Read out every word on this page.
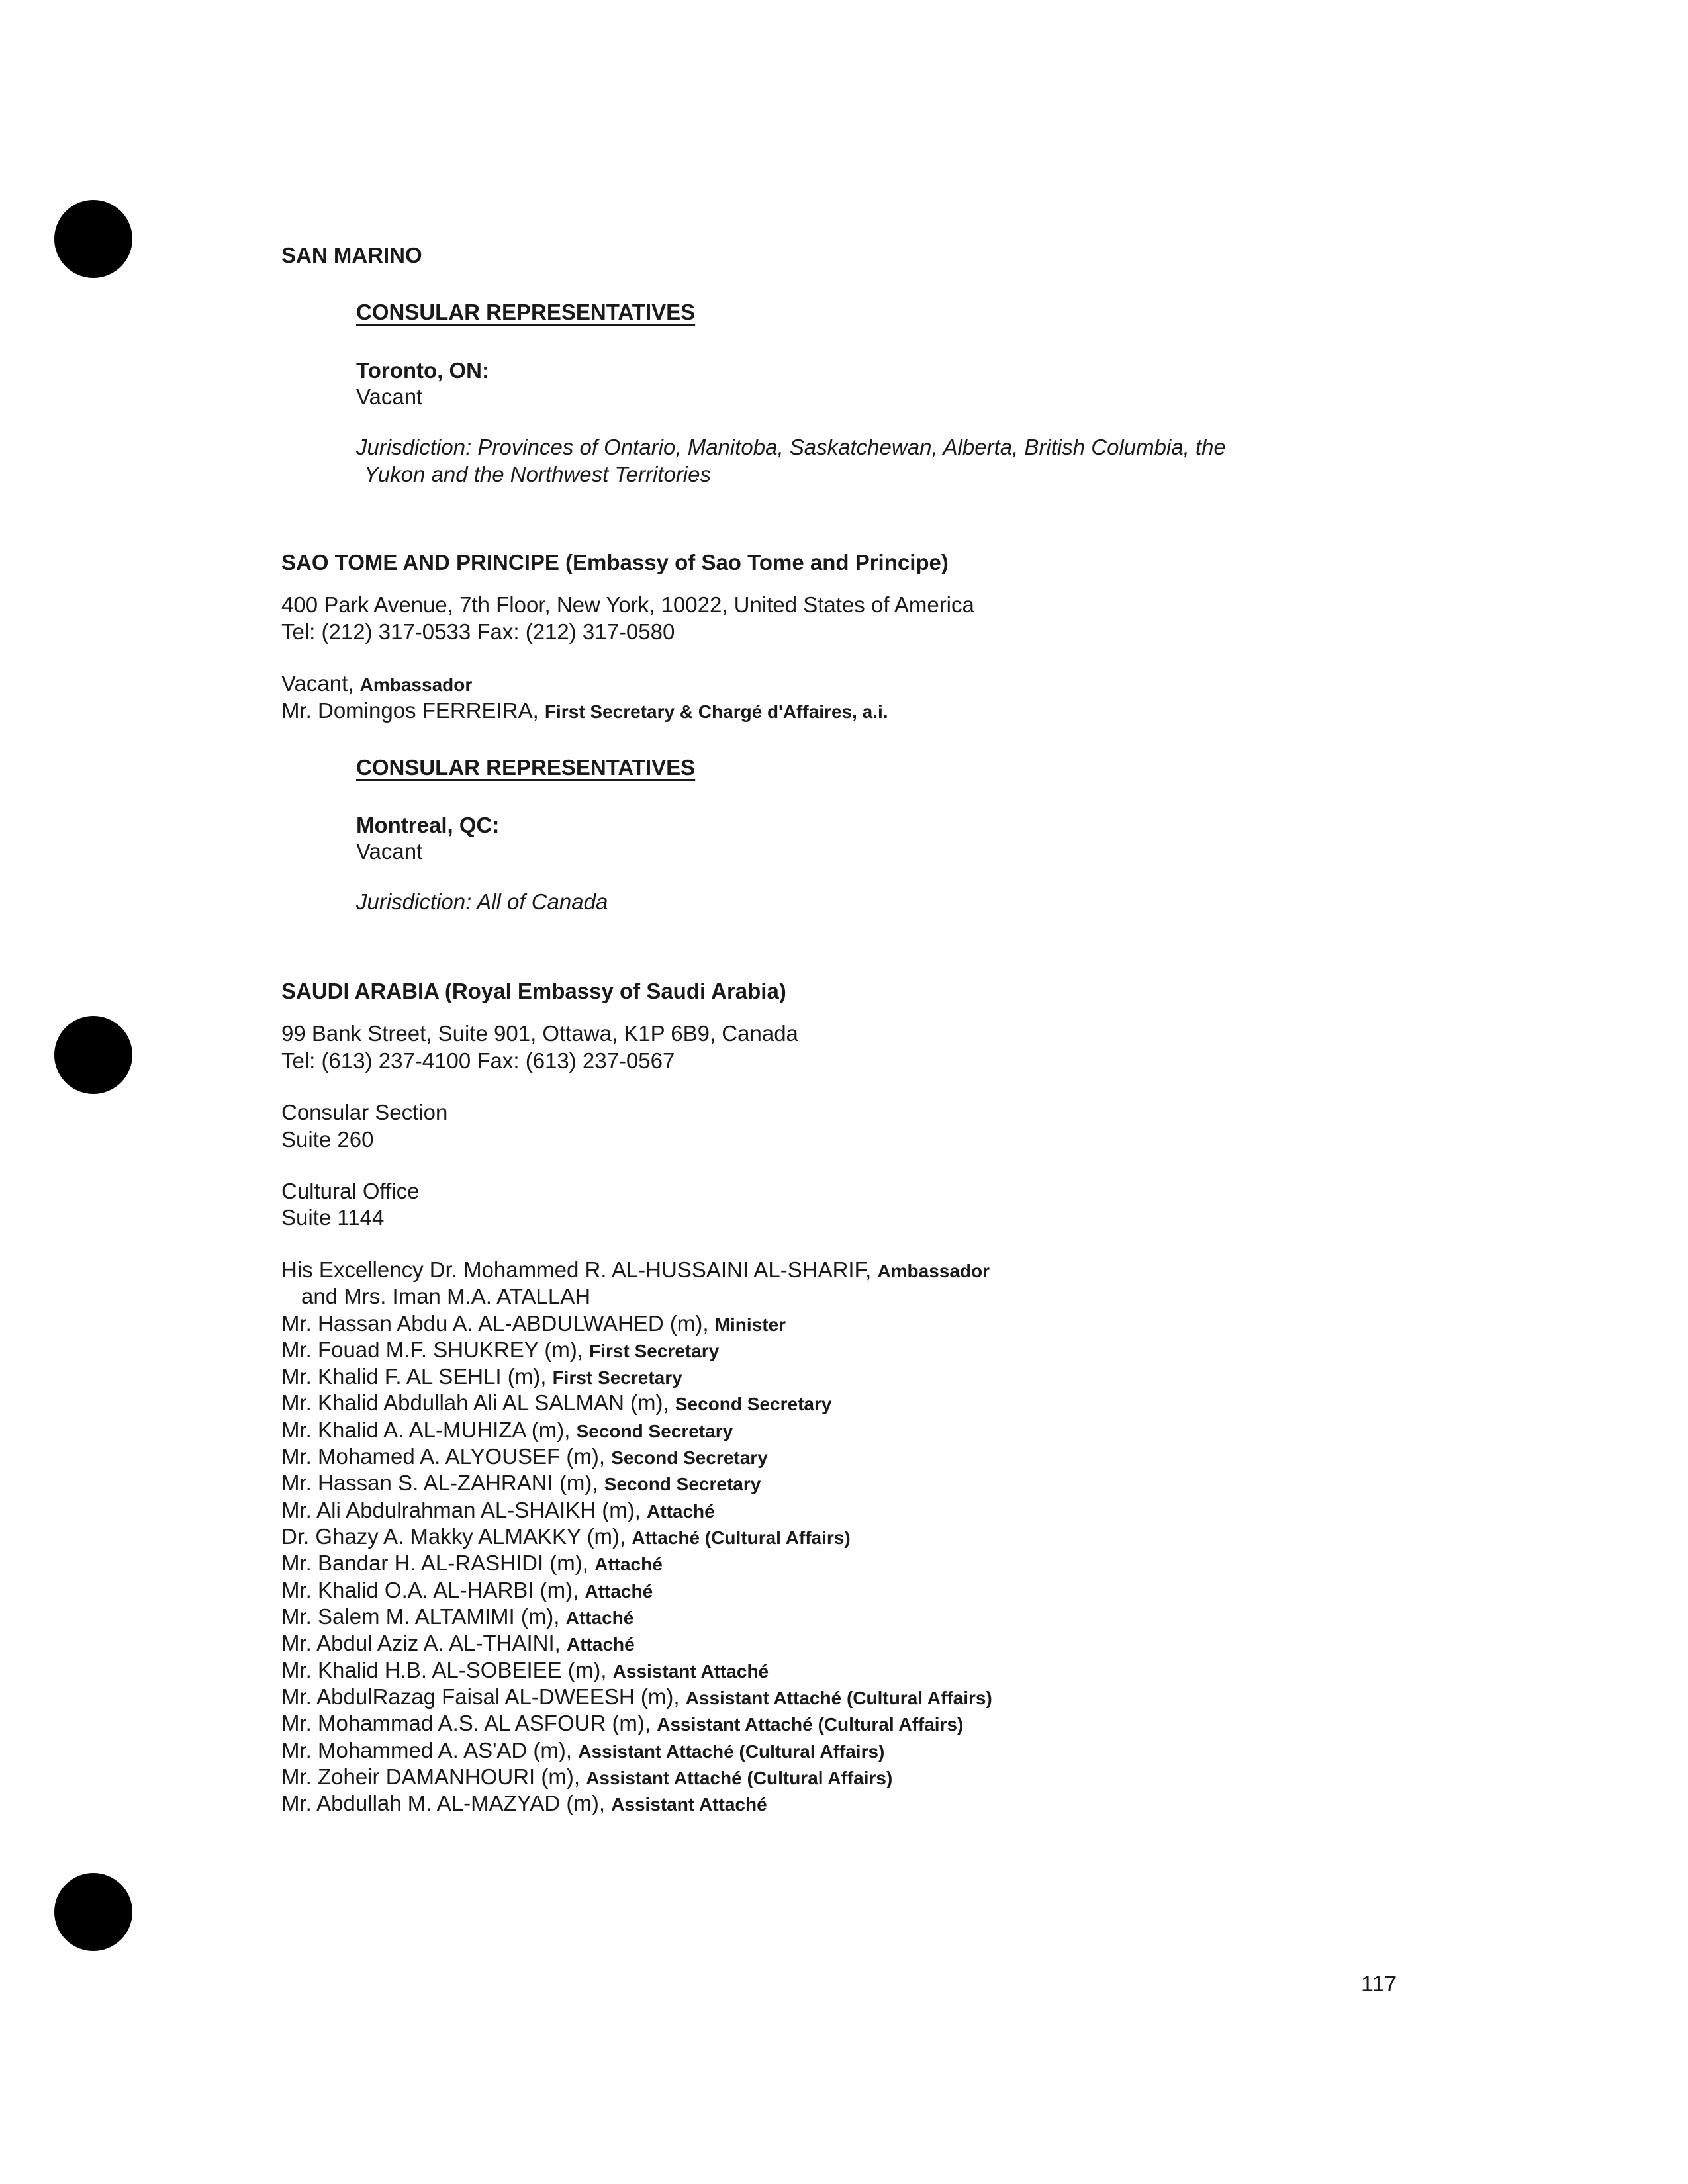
SAN MARINO
CONSULAR REPRESENTATIVES
Toronto, ON:
Vacant
Jurisdiction: Provinces of Ontario, Manitoba, Saskatchewan, Alberta, British Columbia, the
Yukon and the Northwest Territories
SAO TOME AND PRINCIPE (Embassy of Sao Tome and Principe)
400 Park Avenue, 7th Floor, New York, 10022, United States of America
Tel: (212) 317-0533 Fax: (212) 317-0580
Vacant, Ambassador
Mr. Domingos FERREIRA, First Secretary & Chargé d'Affaires, a.i.
CONSULAR REPRESENTATIVES
Montreal, QC:
Vacant
Jurisdiction: All of Canada
SAUDI ARABIA (Royal Embassy of Saudi Arabia)
99 Bank Street, Suite 901, Ottawa, K1P 6B9, Canada
Tel: (613) 237-4100 Fax: (613) 237-0567
Consular Section
Suite 260
Cultural Office
Suite 1144
His Excellency Dr. Mohammed R. AL-HUSSAINI AL-SHARIF, Ambassador
and Mrs. Iman M.A. ATALLAH
Mr. Hassan Abdu A. AL-ABDULWAHED (m), Minister
Mr. Fouad M.F. SHUKREY (m), First Secretary
Mr. Khalid F. AL SEHLI (m), First Secretary
Mr. Khalid Abdullah Ali AL SALMAN (m), Second Secretary
Mr. Khalid A. AL-MUHIZA (m), Second Secretary
Mr. Mohamed A. ALYOUSEF (m), Second Secretary
Mr. Hassan S. AL-ZAHRANI (m), Second Secretary
Mr. Ali Abdulrahman AL-SHAIKH (m), Attaché
Dr. Ghazy A. Makky ALMAKKY (m), Attaché (Cultural Affairs)
Mr. Bandar H. AL-RASHIDI (m), Attaché
Mr. Khalid O.A. AL-HARBI (m), Attaché
Mr. Salem M. ALTAMIMI (m), Attaché
Mr. Abdul Aziz A. AL-THAINI, Attaché
Mr. Khalid H.B. AL-SOBEIEE (m), Assistant Attaché
Mr. AbdulRazag Faisal AL-DWEESH (m), Assistant Attaché (Cultural Affairs)
Mr. Mohammad A.S. AL ASFOUR (m), Assistant Attaché (Cultural Affairs)
Mr. Mohammed A. AS'AD (m), Assistant Attaché (Cultural Affairs)
Mr. Zoheir DAMANHOURI (m), Assistant Attaché (Cultural Affairs)
Mr. Abdullah M. AL-MAZYAD (m), Assistant Attaché
117
